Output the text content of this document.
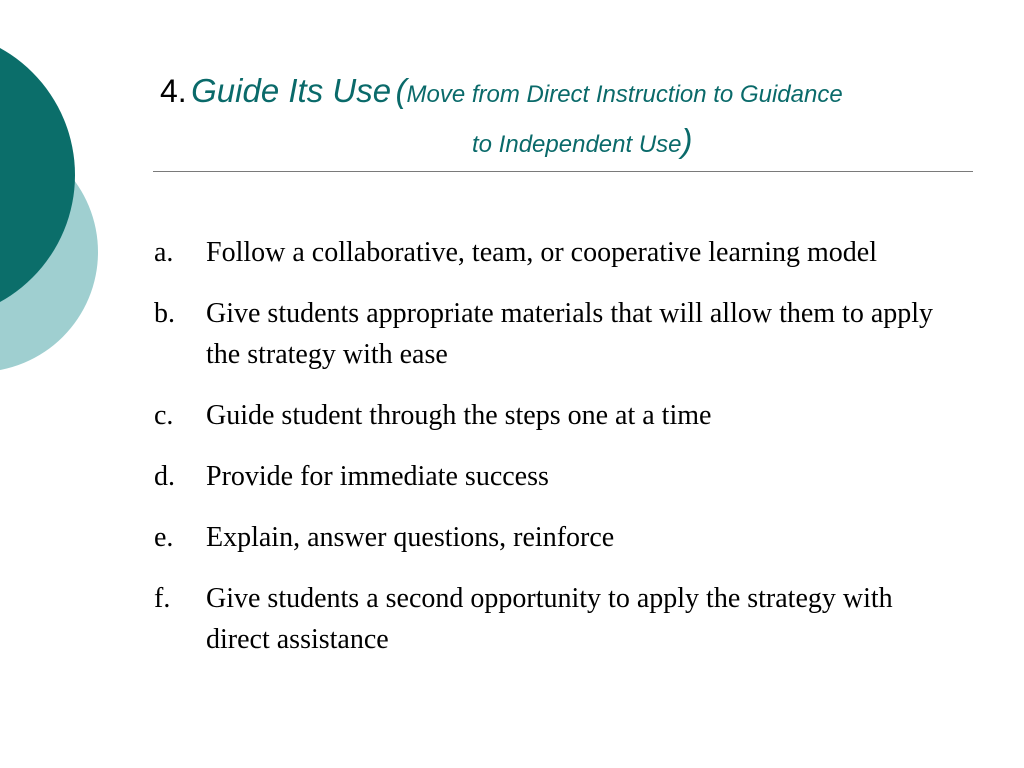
4. Guide Its Use (Move from Direct Instruction to Guidance
to Independent Use)
a. Follow a collaborative, team, or cooperative learning model
b. Give students appropriate materials that will allow them to apply the strategy with ease
c. Guide student through the steps one at a time
d. Provide for immediate success
e. Explain, answer questions, reinforce
f. Give students a second opportunity to apply the strategy with direct assistance
